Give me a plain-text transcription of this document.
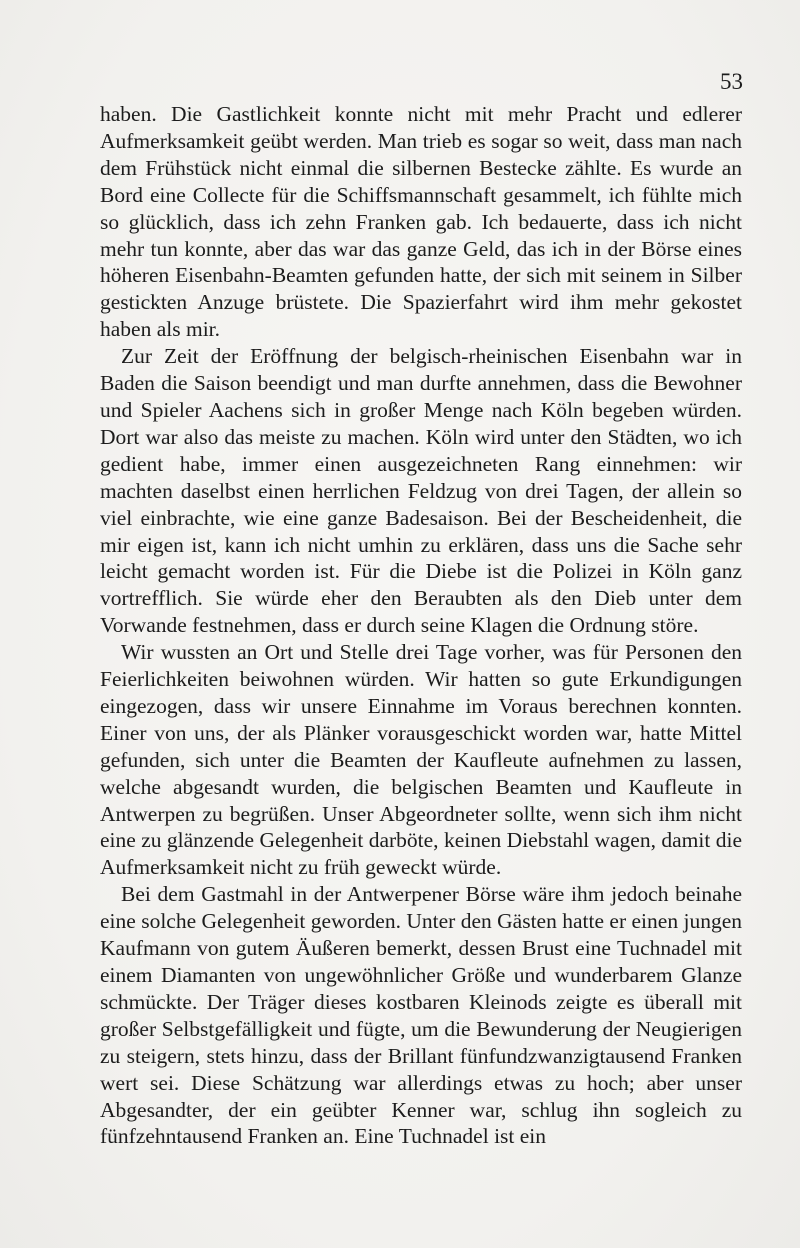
53

haben. Die Gastlichkeit konnte nicht mit mehr Pracht und edlerer Aufmerksamkeit geübt werden. Man trieb es sogar so weit, dass man nach dem Frühstück nicht einmal die silbernen Bestecke zählte. Es wurde an Bord eine Collecte für die Schiffsmannschaft gesammelt, ich fühlte mich so glücklich, dass ich zehn Franken gab. Ich bedauerte, dass ich nicht mehr tun konnte, aber das war das ganze Geld, das ich in der Börse eines höheren Eisenbahn-Beamten gefunden hatte, der sich mit seinem in Silber gestickten Anzuge brüstete. Die Spazierfahrt wird ihm mehr gekostet haben als mir.

Zur Zeit der Eröffnung der belgisch-rheinischen Eisenbahn war in Baden die Saison beendigt und man durfte annehmen, dass die Bewohner und Spieler Aachens sich in großer Menge nach Köln begeben würden. Dort war also das meiste zu machen. Köln wird unter den Städten, wo ich gedient habe, immer einen ausgezeichneten Rang einnehmen: wir machten daselbst einen herrlichen Feldzug von drei Tagen, der allein so viel einbrachte, wie eine ganze Badesaison. Bei der Bescheidenheit, die mir eigen ist, kann ich nicht umhin zu erklären, dass uns die Sache sehr leicht gemacht worden ist. Für die Diebe ist die Polizei in Köln ganz vortrefflich. Sie würde eher den Beraubten als den Dieb unter dem Vorwande festnehmen, dass er durch seine Klagen die Ordnung störe.

Wir wussten an Ort und Stelle drei Tage vorher, was für Personen den Feierlichkeiten beiwohnen würden. Wir hatten so gute Erkundigungen eingezogen, dass wir unsere Einnahme im Voraus berechnen konnten. Einer von uns, der als Plänker vorausgeschickt worden war, hatte Mittel gefunden, sich unter die Beamten der Kaufleute aufnehmen zu lassen, welche abgesandt wurden, die belgischen Beamten und Kaufleute in Antwerpen zu begrüßen. Unser Abgeordneter sollte, wenn sich ihm nicht eine zu glänzende Gelegenheit darböte, keinen Diebstahl wagen, damit die Aufmerksamkeit nicht zu früh geweckt würde.

Bei dem Gastmahl in der Antwerpener Börse wäre ihm jedoch beinahe eine solche Gelegenheit geworden. Unter den Gästen hatte er einen jungen Kaufmann von gutem Äußeren bemerkt, dessen Brust eine Tuchnadel mit einem Diamanten von ungewöhnlicher Größe und wunderbarem Glanze schmückte. Der Träger dieses kostbaren Kleinods zeigte es überall mit großer Selbstgefälligkeit und fügte, um die Bewunderung der Neugierigen zu steigern, stets hinzu, dass der Brillant fünfundzwanzigtausend Franken wert sei. Diese Schätzung war allerdings etwas zu hoch; aber unser Abgesandter, der ein geübter Kenner war, schlug ihn sogleich zu fünfzehntausend Franken an. Eine Tuchnadel ist ein
